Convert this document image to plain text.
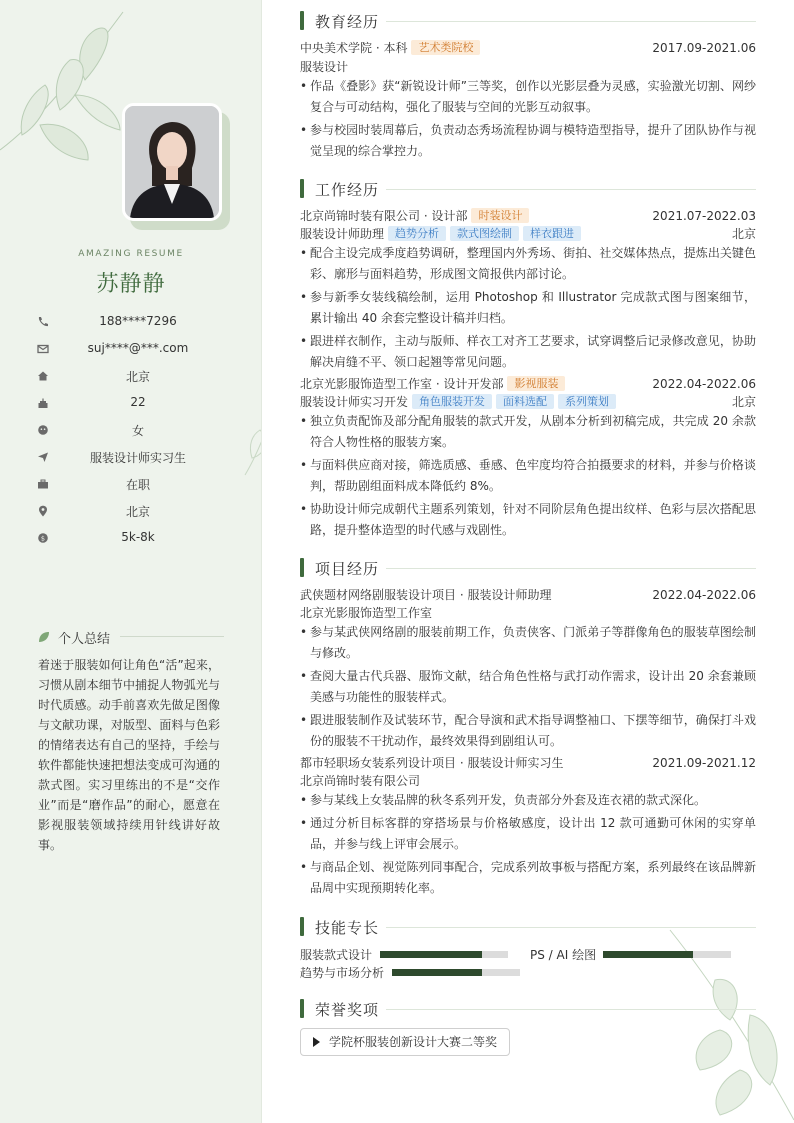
AMAZING RESUME
苏静静
188****7296
suj****@***.com
北京
22
女
服装设计师实习生
在职
北京
$	5k-8k
个人总结
着迷于服装如何让角色“活”起来，习惯从剧本细节中捕捉人物弧光与时代质感。动手前喜欢先做足图像与文献功课，对版型、面料与色彩的情绪表达有自己的坚持，手绘与软件都能快速把想法变成可沟通的款式图。实习里练出的不是“交作业”而是“磨作品”的耐心，愿意在影视服装领域持续用针线讲好故事。
教育经历
中央美术学院 · 本科 艺术类院校	2017.09-2021.06
服装设计
• 作品《叠影》获“新锐设计师”三等奖，创作以光影层叠为灵感，实验激光切割、网纱复合与可动结构，强化了服装与空间的光影互动叙事。
• 参与校园时装周幕后，负责动态秀场流程协调与模特造型指导，提升了团队协作与视觉呈现的综合掌控力。
工作经历
北京尚锦时装有限公司 · 设计部 时装设计	2021.07-2022.03
服装设计师助理 趋势分析 款式图绘制 样衣跟进	北京
• 配合主设完成季度趋势调研，整理国内外秀场、街拍、社交媒体热点，提炼出关键色彩、廓形与面料趋势，形成图文简报供内部讨论。
• 参与新季女装线稿绘制，运用 Photoshop 和 Illustrator 完成款式图与图案细节，累计输出 40 余套完整设计稿并归档。
• 跟进样衣制作，主动与版师、样衣工对齐工艺要求，试穿调整后记录修改意见，协助解决肩缝不平、领口起翘等常见问题。
北京光影服饰造型工作室 · 设计开发部 影视服装	2022.04-2022.06
服装设计师实习开发 角色服装开发 面料选配 系列策划	北京
• 独立负责配饰及部分配角服装的款式开发，从剧本分析到初稿完成，共完成 20 余款符合人物性格的服装方案。
• 与面料供应商对接，筛选质感、垂感、色牢度均符合拍摄要求的材料，并参与价格谈判，帮助剧组面料成本降低约 8%。
• 协助设计师完成朝代主题系列策划，针对不同阶层角色提出纹样、色彩与层次搭配思路，提升整体造型的时代感与戏剧性。
项目经历
武侠题材网络剧服装设计项目 · 服装设计师助理	2022.04-2022.06
北京光影服饰造型工作室
• 参与某武侠网络剧的服装前期工作，负责侠客、门派弟子等群像角色的服装草图绘制与修改。
• 查阅大量古代兵器、服饰文献，结合角色性格与武打动作需求，设计出 20 余套兼顾美感与功能性的服装样式。
• 跟进服装制作及试装环节，配合导演和武术指导调整袖口、下摆等细节，确保打斗戏份的服装不干扰动作，最终效果得到剧组认可。
都市轻职场女装系列设计项目 · 服装设计师实习生	2021.09-2021.12
北京尚锦时装有限公司
• 参与某线上女装品牌的秋冬系列开发，负责部分外套及连衣裙的款式深化。
• 通过分析目标客群的穿搭场景与价格敏感度，设计出 12 款可通勤可休闲的实穿单品，并参与线上评审会展示。
• 与商品企划、视觉陈列同事配合，完成系列故事板与搭配方案，系列最终在该品牌新品周中实现预期转化率。
技能专长
服装款式设计	PS / AI 绘图
趋势与市场分析
荣誉奖项
学院杯服装创新设计大赛二等奖
